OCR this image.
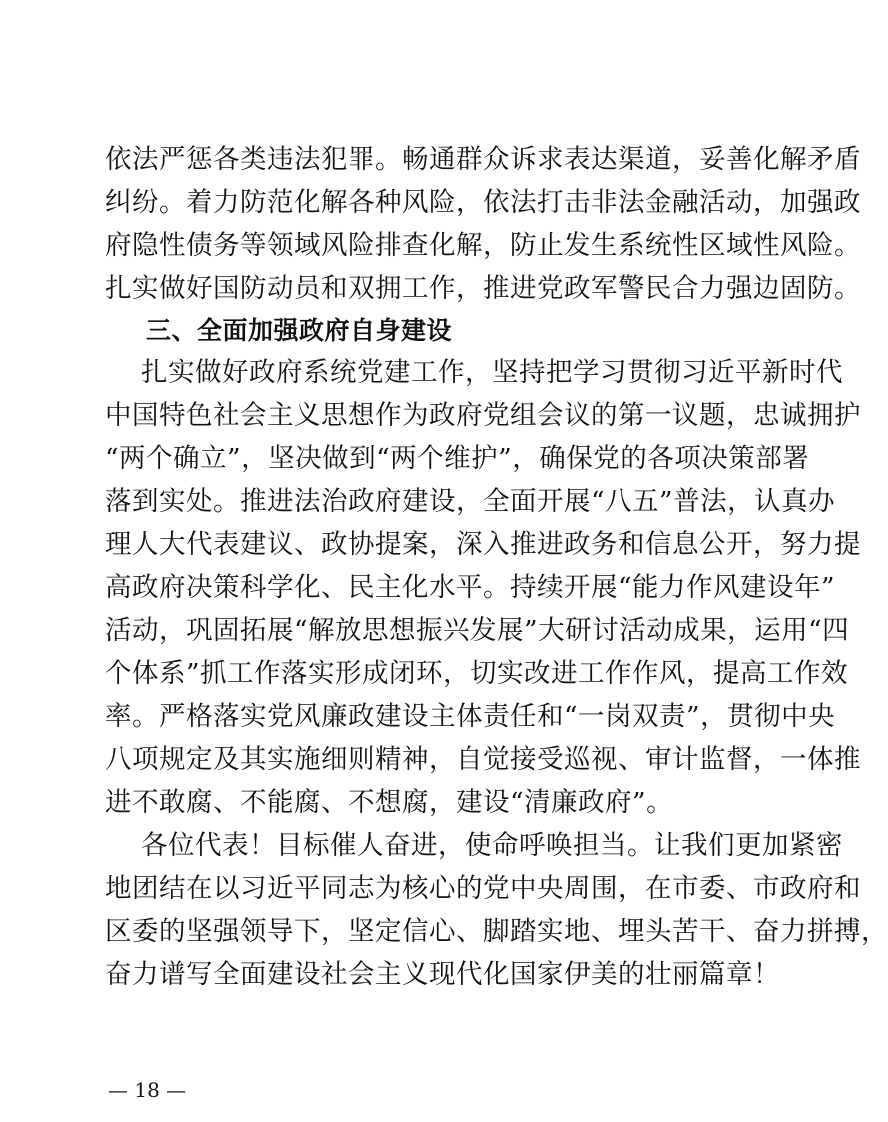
依法严惩各类违法犯罪。畅通群众诉求表达渠道，妥善化解矛盾
纠纷。着力防范化解各种风险，依法打击非法金融活动，加强政
府隐性债务等领域风险排查化解，防止发生系统性区域性风险。
扎实做好国防动员和双拥工作，推进党政军警民合力强边固防。
三、全面加强政府自身建设
扎实做好政府系统党建工作，坚持把学习贯彻习近平新时代
中国特色社会主义思想作为政府党组会议的第一议题，忠诚拥护
“两个确立”，坚决做到“两个维护”，确保党的各项决策部署
落到实处。推进法治政府建设，全面开展“八五”普法，认真办
理人大代表建议、政协提案，深入推进政务和信息公开，努力提
高政府决策科学化、民主化水平。持续开展“能力作风建设年”
活动，巩固拓展“解放思想振兴发展”大研讨活动成果，运用“四
个体系”抓工作落实形成闭环，切实改进工作作风，提高工作效
率。严格落实党风廉政建设主体责任和“一岗双责”，贯彻中央
八项规定及其实施细则精神，自觉接受巡视、审计监督，一体推
进不敢腐、不能腐、不想腐，建设“清廉政府”。
各位代表！目标催人奋进，使命呼唤担当。让我们更加紧密
地团结在以习近平同志为核心的党中央周围，在市委、市政府和
区委的坚强领导下，坚定信心、脚踏实地、埋头苦干、奋力拼搏，
奋力谱写全面建设社会主义现代化国家伊美的壮丽篇章！
— 18 —
